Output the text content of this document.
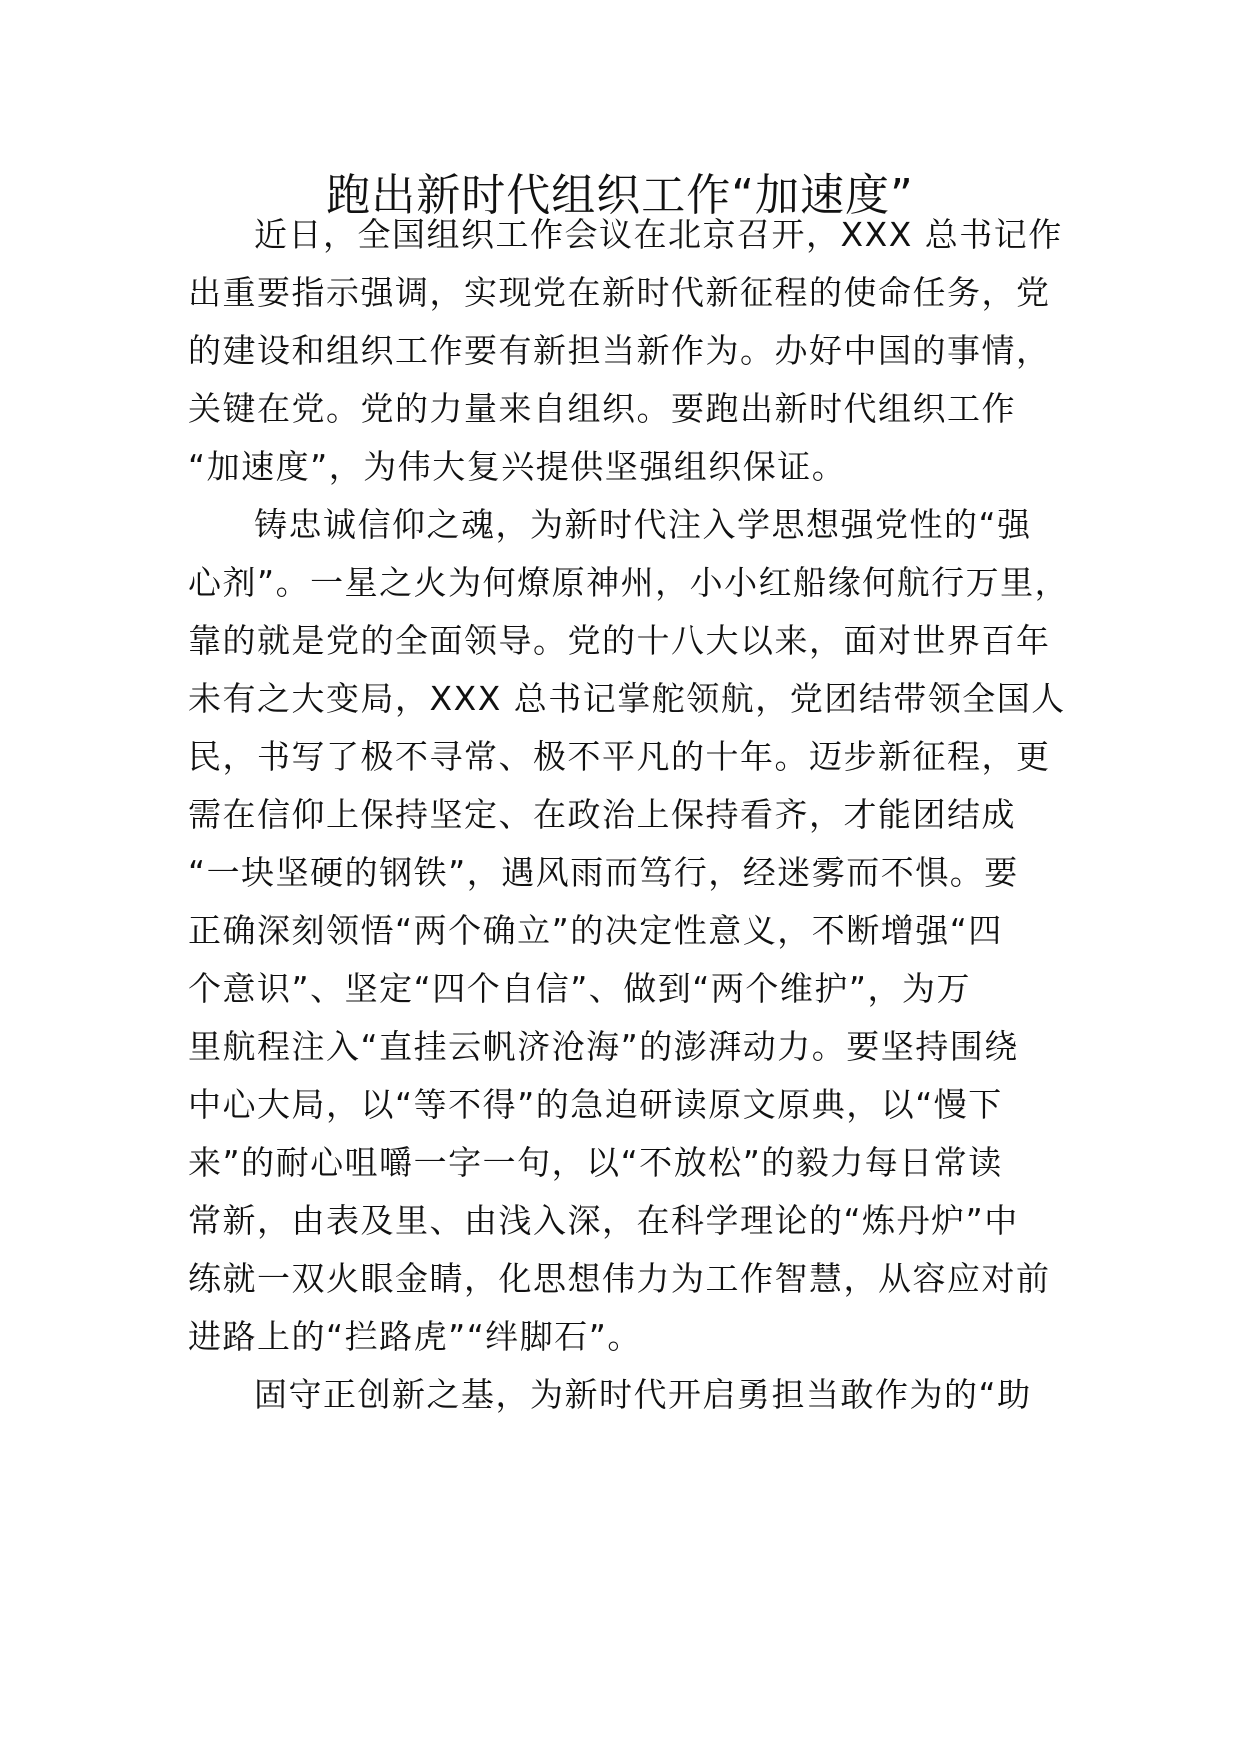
跑出新时代组织工作“加速度”
近日，全国组织工作会议在北京召开，XXX 总书记作
出重要指示强调，实现党在新时代新征程的使命任务，党
的建设和组织工作要有新担当新作为。办好中国的事情，
关键在党。党的力量来自组织。要跑出新时代组织工作
“加速度”，为伟大复兴提供坚强组织保证。
铸忠诚信仰之魂，为新时代注入学思想强党性的“强
心剂”。一星之火为何燎原神州，小小红船缘何航行万里，
靠的就是党的全面领导。党的十八大以来，面对世界百年
未有之大变局，XXX 总书记掌舵领航，党团结带领全国人
民，书写了极不寻常、极不平凡的十年。迈步新征程，更
需在信仰上保持坚定、在政治上保持看齐，才能团结成
“一块坚硬的钢铁”，遇风雨而笃行，经迷雾而不惧。要
正确深刻领悟“两个确立”的决定性意义，不断增强“四
个意识”、坚定“四个自信”、做到“两个维护”，为万
里航程注入“直挂云帆济沧海”的澎湃动力。要坚持围绕
中心大局，以“等不得”的急迫研读原文原典，以“慢下
来”的耐心咀嚼一字一句，以“不放松”的毅力每日常读
常新，由表及里、由浅入深，在科学理论的“炼丹炉”中
练就一双火眼金睛，化思想伟力为工作智慧，从容应对前
进路上的“拦路虎”“绊脚石”。
固守正创新之基，为新时代开启勇担当敢作为的“助
